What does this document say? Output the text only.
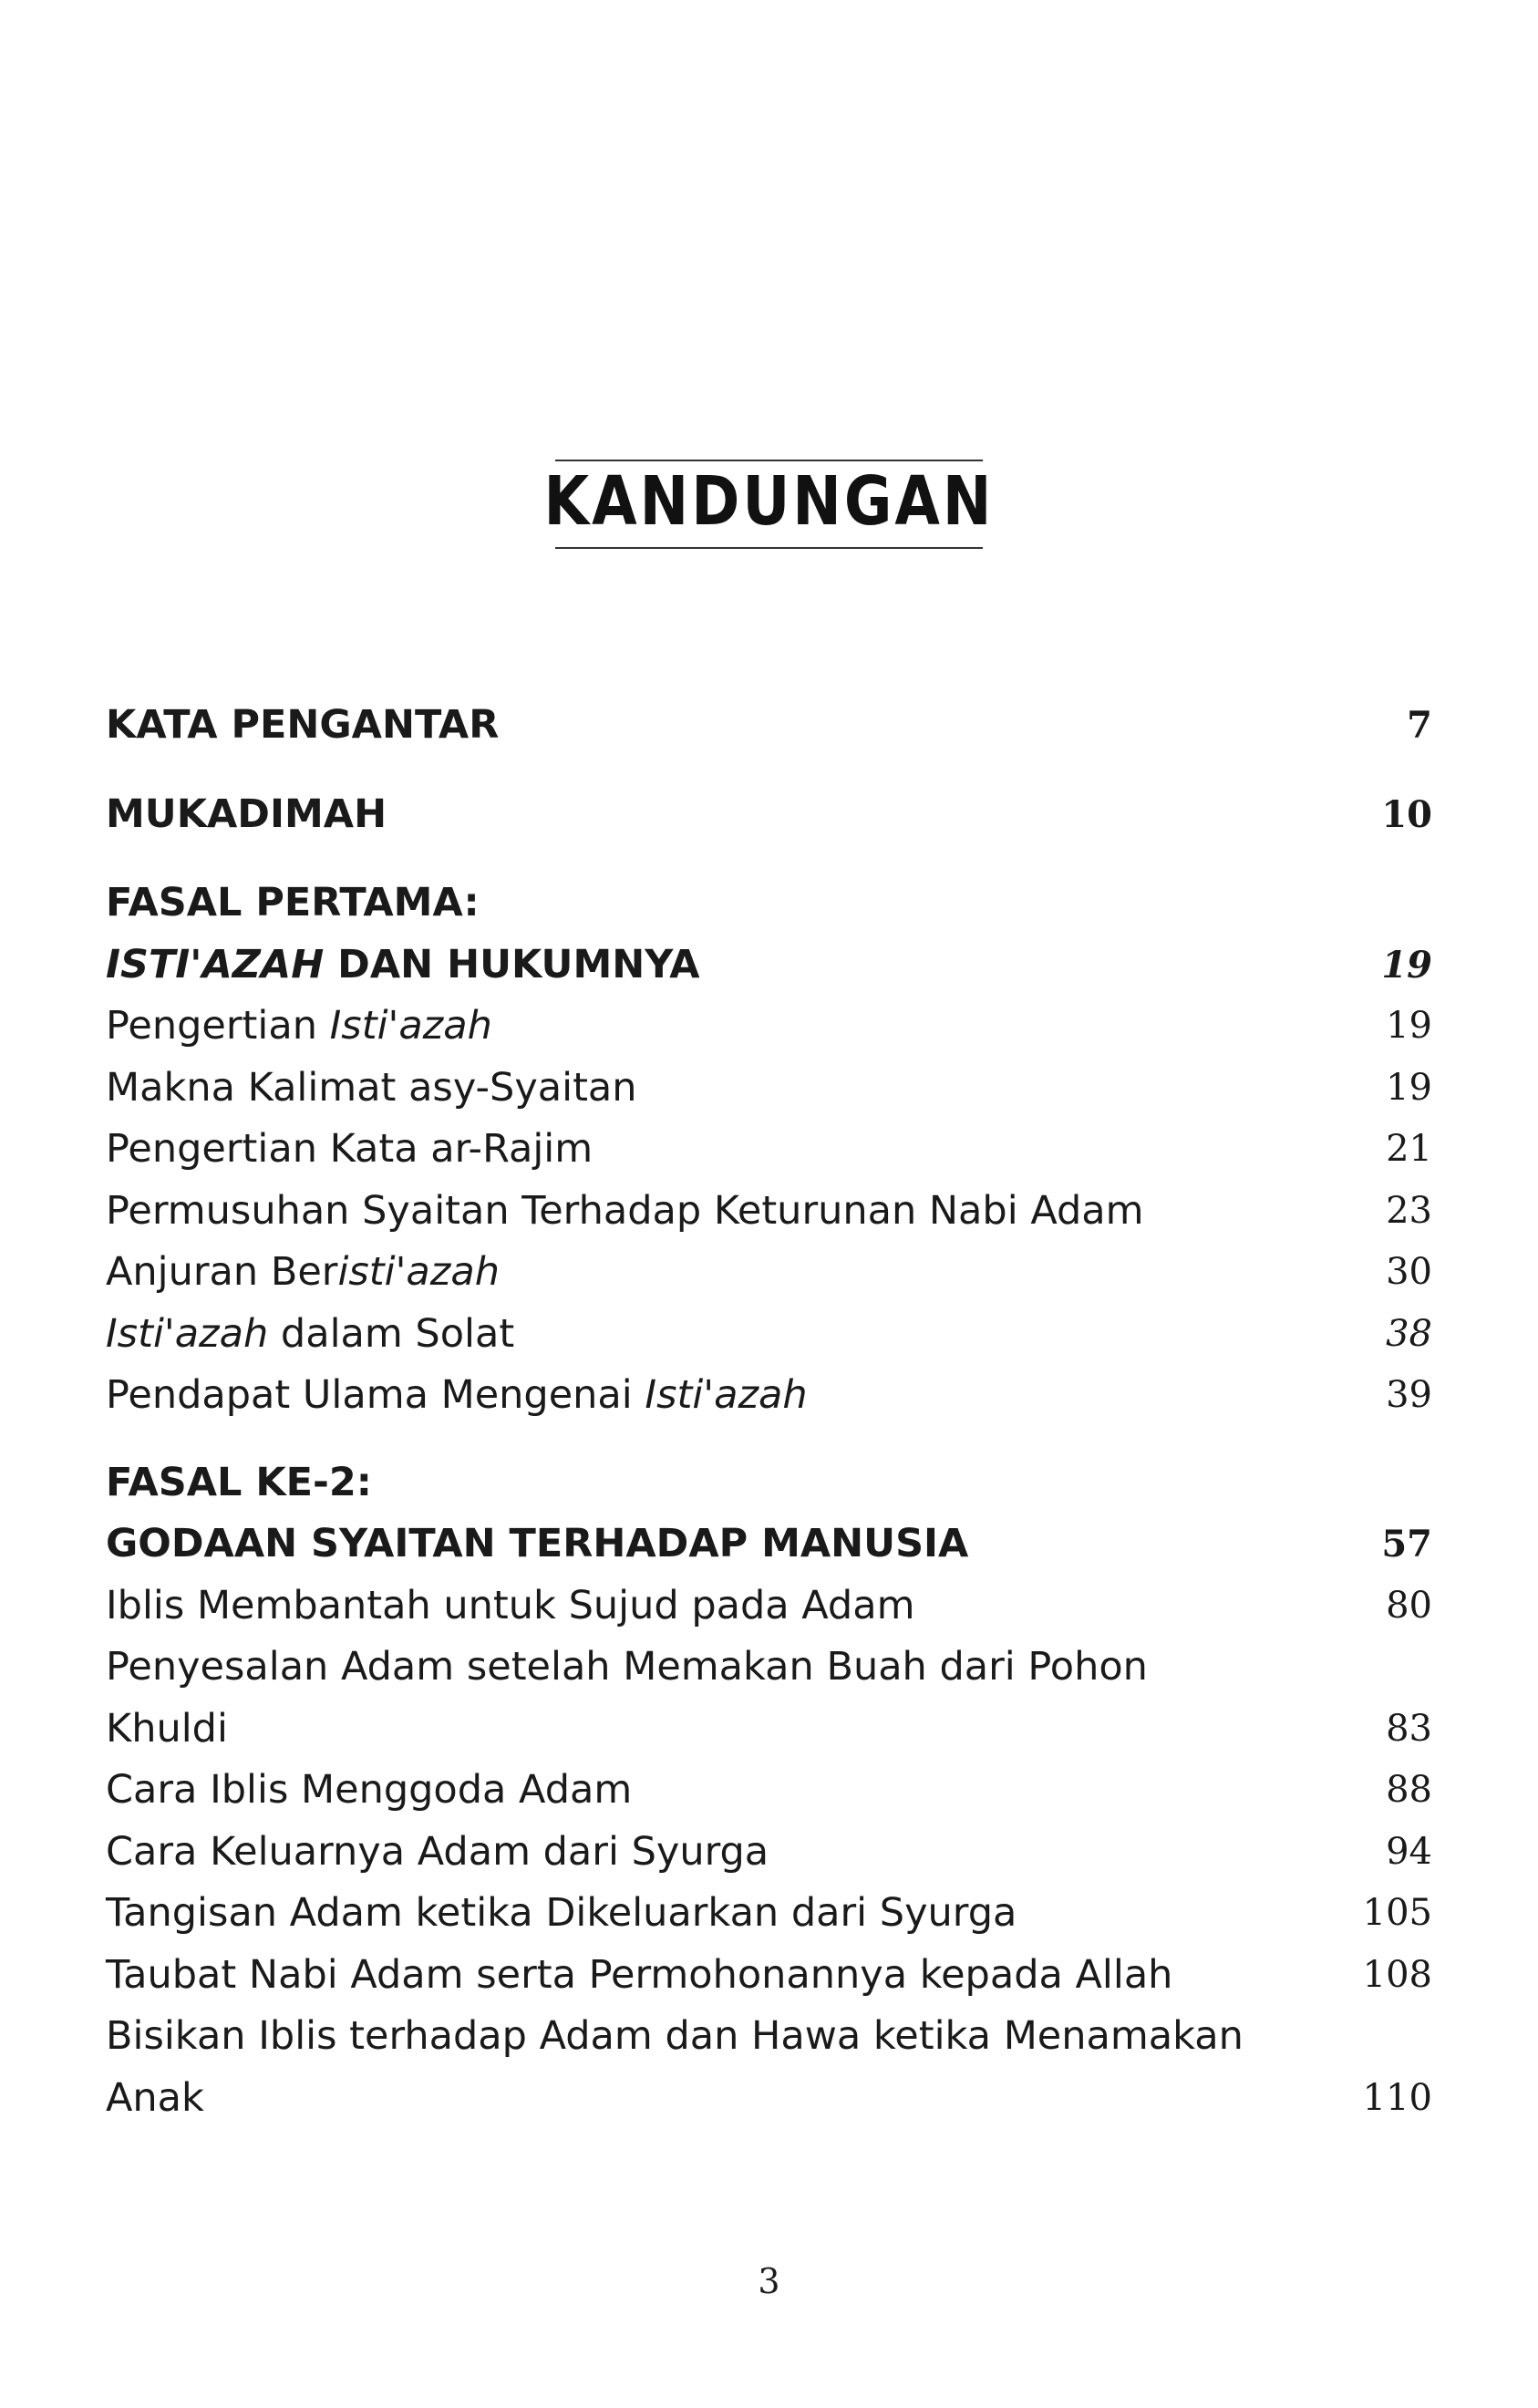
KANDUNGAN
KATA PENGANTAR	7
MUKADIMAH	10
FASAL PERTAMA:
ISTI'AZAH DAN HUKUMNYA	19
Pengertian Isti'azah	19
Makna Kalimat asy-Syaitan	19
Pengertian Kata ar-Rajim	21
Permusuhan Syaitan Terhadap Keturunan Nabi Adam	23
Anjuran Beristi'azah	30
Isti'azah dalam Solat	38
Pendapat Ulama Mengenai Isti'azah	39
FASAL KE-2:
GODAAN SYAITAN TERHADAP MANUSIA	57
Iblis Membantah untuk Sujud pada Adam	80
Penyesalan Adam setelah Memakan Buah dari Pohon
Khuldi	83
Cara Iblis Menggoda Adam	88
Cara Keluarnya Adam dari Syurga	94
Tangisan Adam ketika Dikeluarkan dari Syurga	105
Taubat Nabi Adam serta Permohonannya kepada Allah	108
Bisikan Iblis terhadap Adam dan Hawa ketika Menamakan
Anak	110
3
